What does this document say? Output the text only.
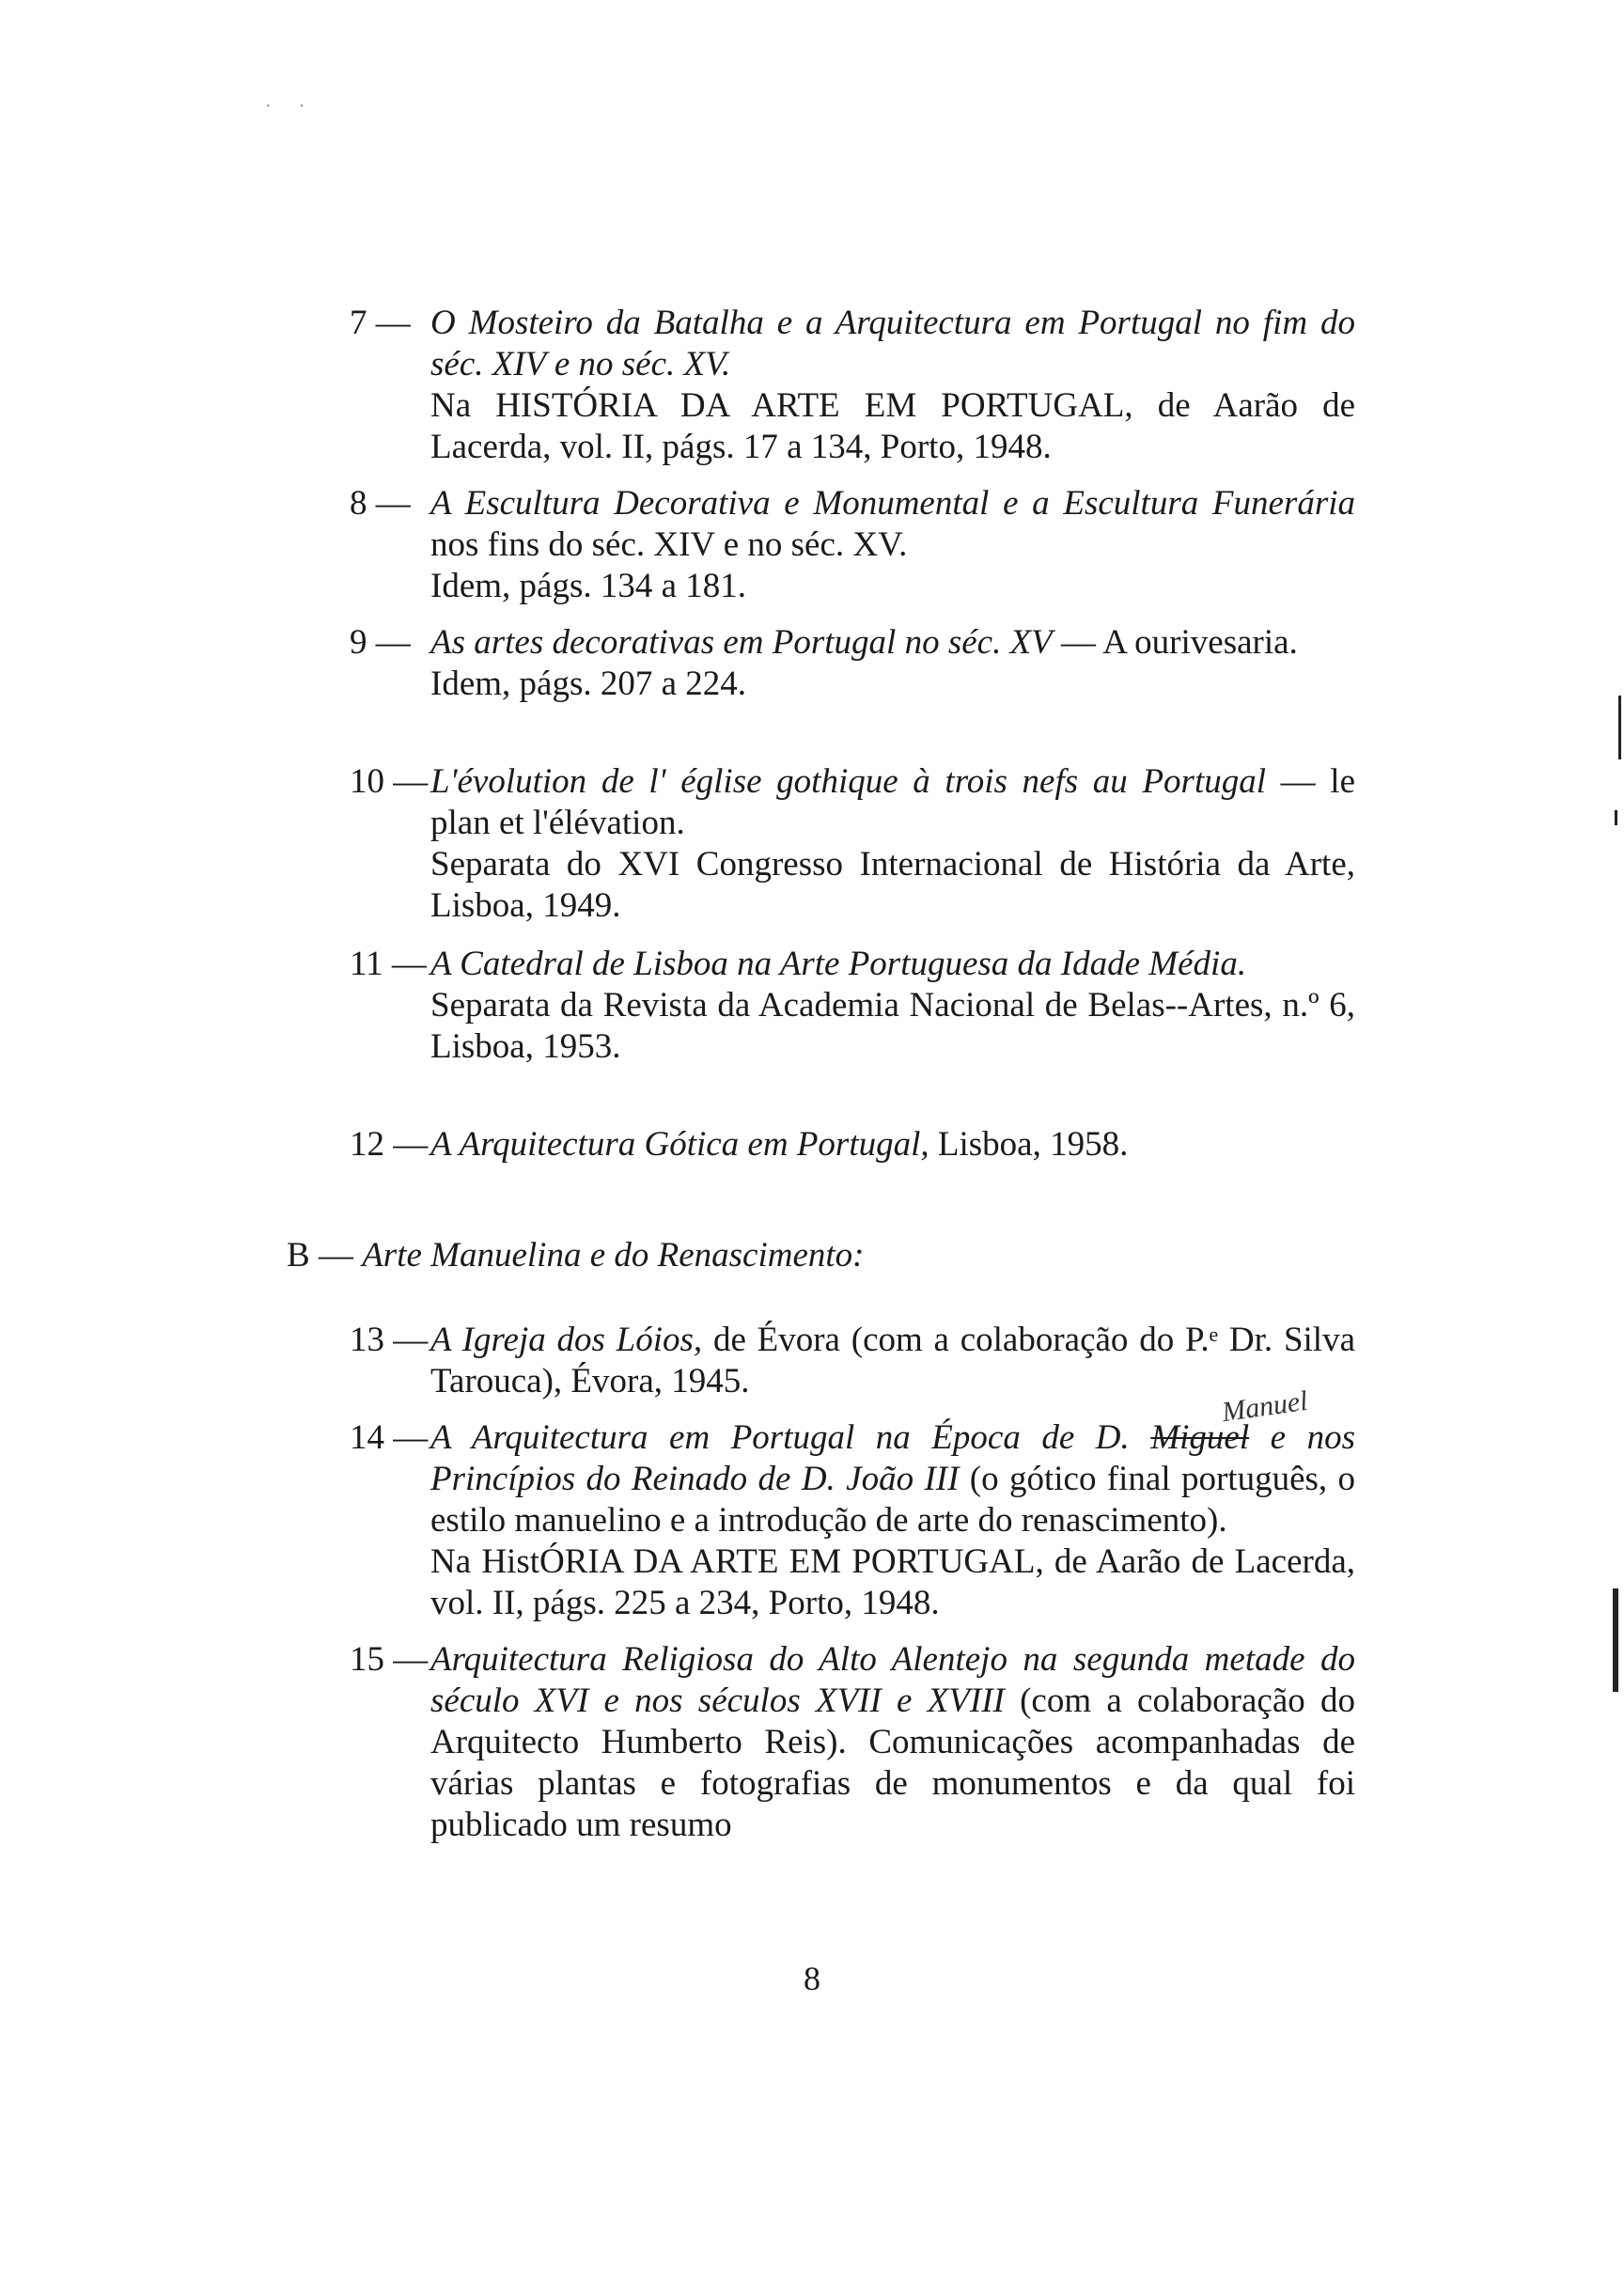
· ·
7 — O Mosteiro da Batalha e a Arquitectura em Portugal no fim do séc. XIV e no séc. XV.
Na HISTÓRIA DA ARTE EM PORTUGAL, de Aarão de Lacerda, vol. II, págs. 17 a 134, Porto, 1948.
8 — A Escultura Decorativa e Monumental e a Escultura Funerária nos fins do séc. XIV e no séc. XV.
Idem, págs. 134 a 181.
9 — As artes decorativas em Portugal no séc. XV — A ourivesaria.
Idem, págs. 207 a 224.
10 — L'évolution de l' église gothique à trois nefs au Portugal — le plan et l'élévation.
Separata do XVI Congresso Internacional de História da Arte, Lisboa, 1949.
11 — A Catedral de Lisboa na Arte Portuguesa da Idade Média.
Separata da Revista da Academia Nacional de Belas--Artes, n.º 6, Lisboa, 1953.
12 — A Arquitectura Gótica em Portugal, Lisboa, 1958.
B — Arte Manuelina e do Renascimento:
13 — A Igreja dos Lóios, de Évora (com a colaboração do P.ᵉ Dr. Silva Tarouca), Évora, 1945.
Manuel
14 — A Arquitectura em Portugal na Época de D. Miguel e nos Princípios do Reinado de D. João III (o gótico final português, o estilo manuelino e a introdução de arte do renascimento).
Na HistÓRIA DA ARTE EM PORTUGAL, de Aarão de Lacerda, vol. II, págs. 225 a 234, Porto, 1948.
15 — Arquitectura Religiosa do Alto Alentejo na segunda metade do século XVI e nos séculos XVII e XVIII (com a colaboração do Arquitecto Humberto Reis). Comunicações acompanhadas de várias plantas e fotografias de monumentos e da qual foi publicado um resumo
8
